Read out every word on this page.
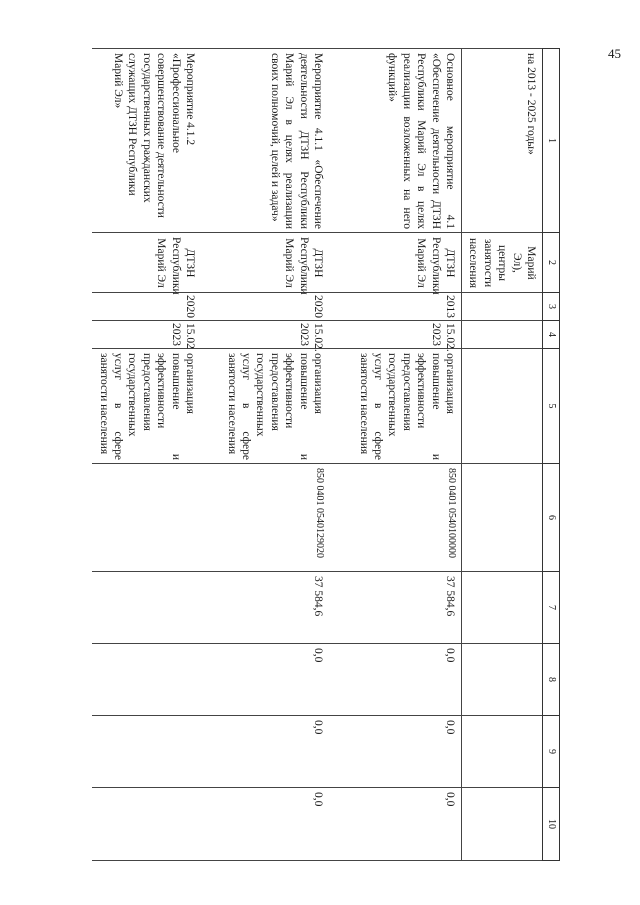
45
1	2	3	4	5	6	7	8	9	10
на 2013 - 2025 годы»	Марий Эл), центры занятости населения								
Основное мероприятие 4.1 «Обеспечение деятельности ДТЗН Республики Марий Эл в целях реализации возложенных на него функций»	ДТЗН Республики Марий Эл	2013	15.02. 2023	организация повышение и эффективности предоставления государственных услуг в сфере занятости населения	850 0401 0540100000	37 584,6	0,0	0,0	0,0
Мероприятие 4.1.1 «Обеспечение деятельности ДТЗН Республики Марий Эл в целях реализации своих полномочий, целей и задач»	ДТЗН Республики Марий Эл	2020	15.02. 2023	организация повышение и эффективности предоставления государственных услуг в сфере занятости населения	850 0401 0540129020	37 584,6	0,0	0,0	0,0
Мероприятие 4.1.2 «Профессиональное совершенствование деятельности государственных гражданских служащих ДТЗН Республики Марий Эл»	ДТЗН Республики Марий Эл	2020	15.02 2023	организация повышение и эффективности предоставления государственных услуг в сфере занятости населения					
